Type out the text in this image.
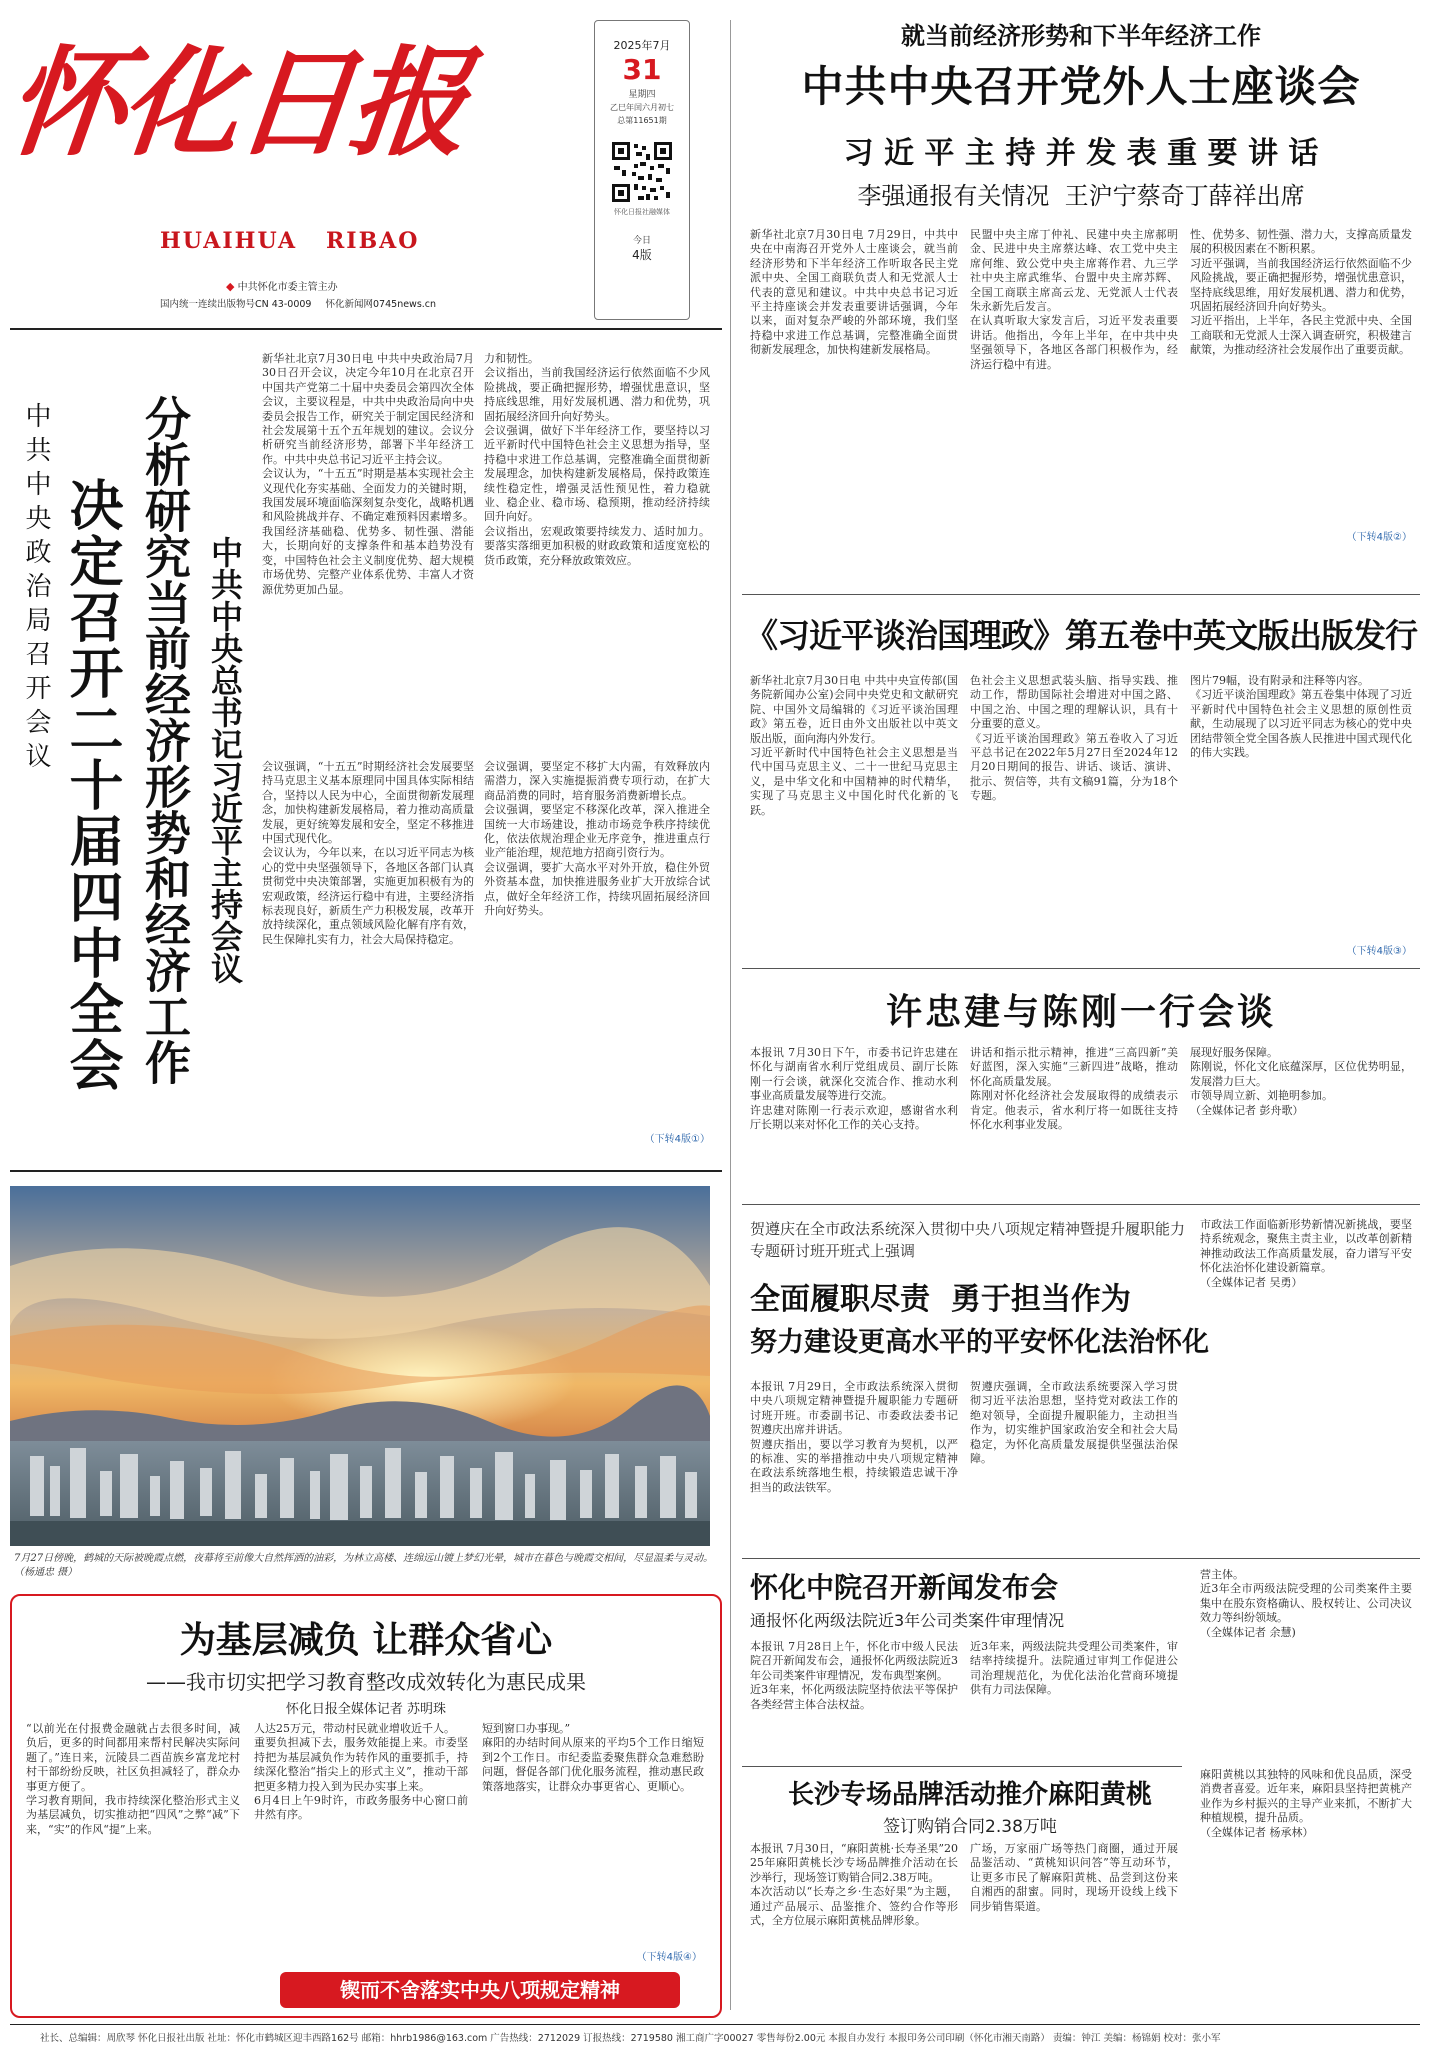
怀化日报
HUAIHUA   RIBAO
◆ 中共怀化市委主管主办
国内统一连续出版物号CN 43-0009 怀化新闻网0745news.cn
2025年7月
31
星期四
乙巳年闰六月初七
总第11651期
怀化日报社融媒体
今日
4版
中共中央政治局召开会议 决定召开二十届四中全会 分析研究当前经济形势和经济工作 中共中央总书记习近平主持会议
新华社北京7月30日电 中共中央政治局7月30日召开会议，决定今年10月在北京召开中国共产党第二十届中央委员会第四次全体会议，主要议程是，中共中央政治局向中央委员会报告工作，研究关于制定国民经济和社会发展第十五个五年规划的建议。会议分析研究当前经济形势，部署下半年经济工作。中共中央总书记习近平主持会议。
会议认为，“十五五”时期是基本实现社会主义现代化夯实基础、全面发力的关键时期，我国发展环境面临深刻复杂变化，战略机遇和风险挑战并存、不确定难预料因素增多。我国经济基础稳、优势多、韧性强、潜能大，长期向好的支撑条件和基本趋势没有变，中国特色社会主义制度优势、超大规模市场优势、完整产业体系优势、丰富人才资源优势更加凸显。
会议强调，“十五五”时期经济社会发展要坚持马克思主义基本原理同中国具体实际相结合，坚持以人民为中心，全面贯彻新发展理念，加快构建新发展格局，着力推动高质量发展，更好统筹发展和安全，坚定不移推进中国式现代化。
会议认为，今年以来，在以习近平同志为核心的党中央坚强领导下，各地区各部门认真贯彻党中央决策部署，实施更加积极有为的宏观政策，经济运行稳中有进，主要经济指标表现良好，新质生产力积极发展，改革开放持续深化，重点领域风险化解有序有效，民生保障扎实有力，社会大局保持稳定。
力和韧性。
会议指出，当前我国经济运行依然面临不少风险挑战，要正确把握形势，增强忧患意识，坚持底线思维，用好发展机遇、潜力和优势，巩固拓展经济回升向好势头。
会议强调，做好下半年经济工作，要坚持以习近平新时代中国特色社会主义思想为指导，坚持稳中求进工作总基调，完整准确全面贯彻新发展理念，加快构建新发展格局，保持政策连续性稳定性，增强灵活性预见性，着力稳就业、稳企业、稳市场、稳预期，推动经济持续回升向好。
会议指出，宏观政策要持续发力、适时加力。要落实落细更加积极的财政政策和适度宽松的货币政策，充分释放政策效应。
会议强调，要坚定不移扩大内需，有效释放内需潜力，深入实施提振消费专项行动，在扩大商品消费的同时，培育服务消费新增长点。
会议强调，要坚定不移深化改革，深入推进全国统一大市场建设，推动市场竞争秩序持续优化，依法依规治理企业无序竞争，推进重点行业产能治理，规范地方招商引资行为。
会议强调，要扩大高水平对外开放，稳住外贸外资基本盘，加快推进服务业扩大开放综合试点，做好全年经济工作，持续巩固拓展经济回升向好势头。
（下转4版①）
7月27日傍晚，鹤城的天际被晚霞点燃，夜幕将至前像大自然挥洒的油彩，为林立高楼、连绵远山镀上梦幻光晕，城市在暮色与晚霞交相间，尽显温柔与灵动。（杨通忠 摄）
为基层减负 让群众省心
——我市切实把学习教育整改成效转化为惠民成果
怀化日报全媒体记者 苏明珠
“以前光在付报费金融就占去很多时间，减负后，更多的时间都用来帮村民解决实际问题了。”连日来，沅陵县二酉苗族乡富龙坨村村干部纷纷反映，社区负担减轻了，群众办事更方便了。
学习教育期间，我市持续深化整治形式主义为基层减负，切实推动把“四风”之弊“减”下来，“实”的作风“提”上来。
人达25万元，带动村民就业增收近千人。
重要负担减下去，服务效能提上来。市委坚持把为基层减负作为转作风的重要抓手，持续深化整治“指尖上的形式主义”，推动干部把更多精力投入到为民办实事上来。
6月4日上午9时许，市政务服务中心窗口前井然有序。
短到窗口办事现。”
麻阳的办结时间从原来的平均5个工作日缩短到2个工作日。市纪委监委聚焦群众急难愁盼问题，督促各部门优化服务流程，推动惠民政策落地落实，让群众办事更省心、更顺心。
（下转4版④）
锲而不舍落实中央八项规定精神
就当前经济形势和下半年经济工作
中共中央召开党外人士座谈会
习 近 平 主 持 并 发 表 重 要 讲 话
李强通报有关情况  王沪宁蔡奇丁薛祥出席
新华社北京7月30日电 7月29日，中共中央在中南海召开党外人士座谈会，就当前经济形势和下半年经济工作听取各民主党派中央、全国工商联负责人和无党派人士代表的意见和建议。中共中央总书记习近平主持座谈会并发表重要讲话强调，今年以来，面对复杂严峻的外部环境，我们坚持稳中求进工作总基调，完整准确全面贯彻新发展理念，加快构建新发展格局。
民盟中央主席丁仲礼、民建中央主席郝明金、民进中央主席蔡达峰、农工党中央主席何维、致公党中央主席蒋作君、九三学社中央主席武维华、台盟中央主席苏辉、全国工商联主席高云龙、无党派人士代表朱永新先后发言。
在认真听取大家发言后，习近平发表重要讲话。他指出，今年上半年，在中共中央坚强领导下，各地区各部门积极作为，经济运行稳中有进。
性、优势多、韧性强、潜力大，支撑高质量发展的积极因素在不断积累。
习近平强调，当前我国经济运行依然面临不少风险挑战，要正确把握形势，增强忧患意识，坚持底线思维，用好发展机遇、潜力和优势，巩固拓展经济回升向好势头。
习近平指出，上半年，各民主党派中央、全国工商联和无党派人士深入调查研究，积极建言献策，为推动经济社会发展作出了重要贡献。
（下转4版②）
《习近平谈治国理政》第五卷中英文版出版发行
新华社北京7月30日电 中共中央宣传部(国务院新闻办公室)会同中央党史和文献研究院、中国外文局编辑的《习近平谈治国理政》第五卷，近日由外文出版社以中英文版出版，面向海内外发行。
习近平新时代中国特色社会主义思想是当代中国马克思主义、二十一世纪马克思主义，是中华文化和中国精神的时代精华，实现了马克思主义中国化时代化新的飞跃。
色社会主义思想武装头脑、指导实践、推动工作，帮助国际社会增进对中国之路、中国之治、中国之理的理解认识，具有十分重要的意义。
《习近平谈治国理政》第五卷收入了习近平总书记在2022年5月27日至2024年12月20日期间的报告、讲话、谈话、演讲、批示、贺信等，共有文稿91篇，分为18个专题。
图片79幅，设有附录和注释等内容。
《习近平谈治国理政》第五卷集中体现了习近平新时代中国特色社会主义思想的原创性贡献，生动展现了以习近平同志为核心的党中央团结带领全党全国各族人民推进中国式现代化的伟大实践。
（下转4版③）
许忠建与陈刚一行会谈
本报讯 7月30日下午，市委书记许忠建在怀化与湖南省水利厅党组成员、副厅长陈刚一行会谈，就深化交流合作、推动水利事业高质量发展等进行交流。
许忠建对陈刚一行表示欢迎，感谢省水利厅长期以来对怀化工作的关心支持。
讲话和指示批示精神，推进“三高四新”美好蓝图，深入实施“三新四进”战略，推动怀化高质量发展。
陈刚对怀化经济社会发展取得的成绩表示肯定。他表示，省水利厅将一如既往支持怀化水利事业发展。
展现好服务保障。
陈刚说，怀化文化底蕴深厚，区位优势明显，发展潜力巨大。
市领导周立新、刘艳明参加。
（全媒体记者 彭舟歌）
贺遵庆在全市政法系统深入贯彻中央八项规定精神暨提升履职能力专题研讨班开班式上强调
全面履职尽责  勇于担当作为
努力建设更高水平的平安怀化法治怀化
本报讯 7月29日，全市政法系统深入贯彻中央八项规定精神暨提升履职能力专题研讨班开班。市委副书记、市委政法委书记贺遵庆出席并讲话。
贺遵庆指出，要以学习教育为契机，以严的标准、实的举措推动中央八项规定精神在政法系统落地生根，持续锻造忠诚干净担当的政法铁军。
贺遵庆强调，全市政法系统要深入学习贯彻习近平法治思想，坚持党对政法工作的绝对领导，全面提升履职能力，主动担当作为，切实维护国家政治安全和社会大局稳定，为怀化高质量发展提供坚强法治保障。
市政法工作面临新形势新情况新挑战，要坚持系统观念，聚焦主责主业，以改革创新精神推动政法工作高质量发展，奋力谱写平安怀化法治怀化建设新篇章。
（全媒体记者 吴勇）
怀化中院召开新闻发布会
通报怀化两级法院近3年公司类案件审理情况
本报讯 7月28日上午，怀化市中级人民法院召开新闻发布会，通报怀化两级法院近3年公司类案件审理情况，发布典型案例。
近3年来，怀化两级法院坚持依法平等保护各类经营主体合法权益。
近3年来，两级法院共受理公司类案件，审结率持续提升。法院通过审判工作促进公司治理规范化，为优化法治化营商环境提供有力司法保障。
营主体。
近3年全市两级法院受理的公司类案件主要集中在股东资格确认、股权转让、公司决议效力等纠纷领域。
（全媒体记者 余慧)
长沙专场品牌活动推介麻阳黄桃
签订购销合同2.38万吨
本报讯 7月30日，“麻阳黄桃·长寿圣果”2025年麻阳黄桃长沙专场品牌推介活动在长沙举行，现场签订购销合同2.38万吨。
本次活动以“长寿之乡·生态好果”为主题，通过产品展示、品鉴推介、签约合作等形式，全方位展示麻阳黄桃品牌形象。
广场，万家丽广场等热门商圈，通过开展品鉴活动、“黄桃知识问答”等互动环节，让更多市民了解麻阳黄桃、品尝到这份来自湘西的甜蜜。同时，现场开设线上线下同步销售渠道。
麻阳黄桃以其独特的风味和优良品质，深受消费者喜爱。近年来，麻阳县坚持把黄桃产业作为乡村振兴的主导产业来抓，不断扩大种植规模，提升品质。
（全媒体记者 杨承林）
社长、总编辑：周欣琴 怀化日报社出版 社址：怀化市鹤城区迎丰西路162号 邮箱：hhrb1986@163.com 广告热线：2712029 订报热线：2719580 湘工商广字00027 零售每份2.00元 本报自办发行 本报印务公司印刷（怀化市湘天南路） 责编：钟江 美编：杨锦娟 校对：张小军
